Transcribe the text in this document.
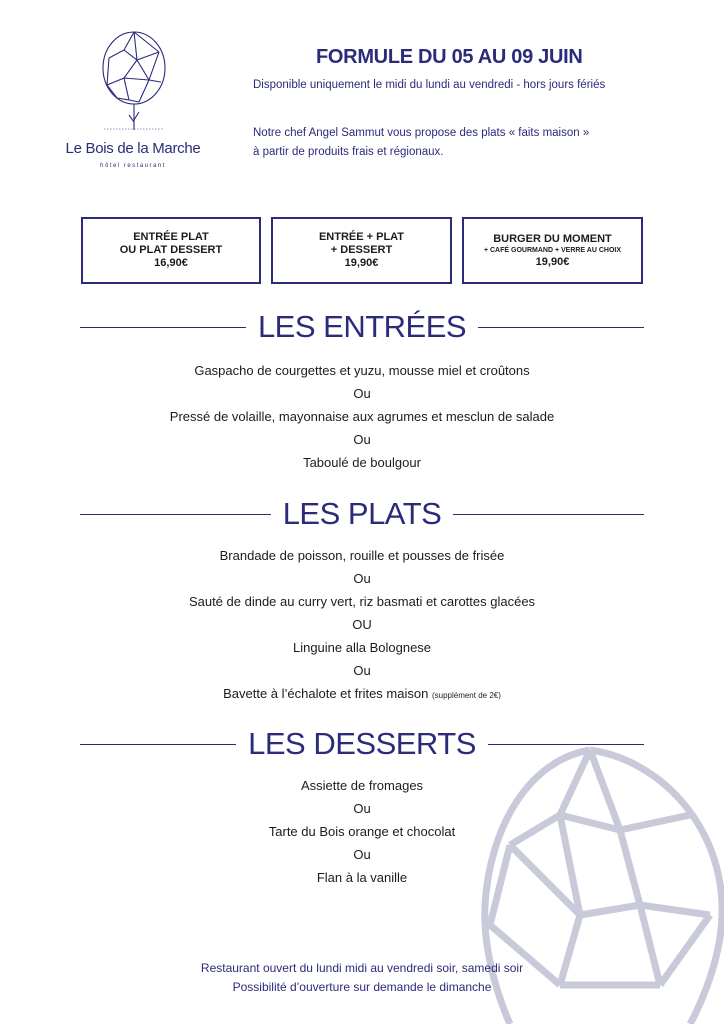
Le Bois de la Marche
hôtel restaurant
FORMULE DU 05 AU 09 JUIN
Disponible uniquement le midi du lundi au vendredi - hors jours fériés
Notre chef Angel Sammut vous propose des plats « faits maison »
à partir de produits frais et régionaux.
ENTRÉE PLAT
OU PLAT DESSERT
16,90€
ENTRÉE + PLAT
+ DESSERT
19,90€
BURGER DU MOMENT
+ CAFÉ GOURMAND + VERRE AU CHOIX
19,90€
LES ENTRÉES
Gaspacho de courgettes et yuzu, mousse miel et croûtons
Ou
Pressé de volaille, mayonnaise aux agrumes et mesclun de salade
Ou
Taboulé de boulgour
LES PLATS
Brandade de poisson, rouille et pousses de frisée
Ou
Sauté de dinde au curry vert, riz basmati et carottes glacées
OU
Linguine alla Bolognese
Ou
Bavette à l’échalote et frites maison (supplément de 2€)
LES DESSERTS
Assiette de fromages
Ou
Tarte du Bois orange et chocolat
Ou
Flan à la vanille
Restaurant ouvert du lundi midi au vendredi soir, samedi soir
Possibilité d’ouverture sur demande le dimanche
